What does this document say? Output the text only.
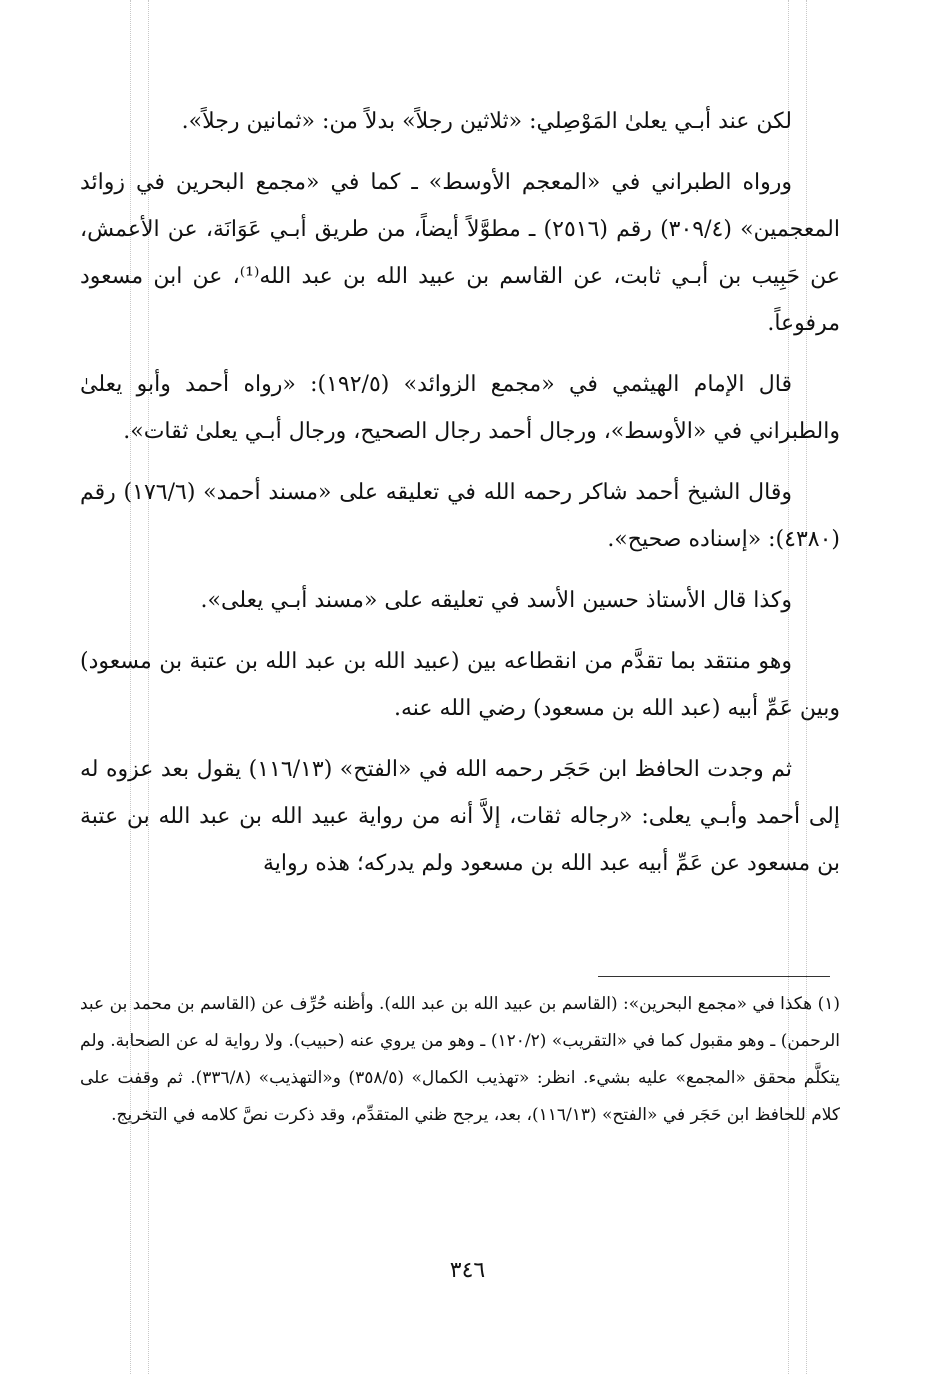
لكن عند أبـي يعلىٰ المَوْصِلي: «ثلاثين رجلاً» بدلاً من: «ثمانين رجلاً».

ورواه الطبراني في «المعجم الأوسط» ـ كما في «مجمع البحرين في زوائد المعجمين» (٣٠٩/٤) رقم (٢٥١٦) ـ مطوَّلاً أيضاً، من طريق أبـي عَوَانَة، عن الأعمش، عن حَبِيب بن أبـي ثابت، عن القاسم بن عبيد الله بن عبد الله⁽¹⁾، عن ابن مسعود مرفوعاً.

قال الإمام الهيثمي في «مجمع الزوائد» (١٩٢/٥): «رواه أحمد وأبو يعلىٰ والطبراني في «الأوسط»، ورجال أحمد رجال الصحيح، ورجال أبـي يعلىٰ ثقات».

وقال الشيخ أحمد شاكر رحمه الله في تعليقه على «مسند أحمد» (١٧٦/٦) رقم (٤٣٨٠): «إسناده صحيح».

وكذا قال الأستاذ حسين الأسد في تعليقه على «مسند أبـي يعلى».

وهو منتقد بما تقدَّم من انقطاعه بين (عبيد الله بن عبد الله بن عتبة بن مسعود) وبين عَمِّ أبيه (عبد الله بن مسعود) رضي الله عنه.

ثم وجدت الحافظ ابن حَجَر رحمه الله في «الفتح» (١١٦/١٣) يقول بعد عزوه له إلى أحمد وأبـي يعلى: «رجاله ثقات، إلاَّ أنه من رواية عبيد الله بن عبد الله بن عتبة بن مسعود عن عَمِّ أبيه عبد الله بن مسعود ولم يدركه؛ هذه رواية

(١) هكذا في «مجمع البحرين»: (القاسم بن عبيد الله بن عبد الله). وأظنه حُرِّف عن (القاسم بن محمد بن عبد الرحمن) ـ وهو مقبول كما في «التقريب» (١٢٠/٢) ـ وهو من يروي عنه (حبيب). ولا رواية له عن الصحابة. ولم يتكلَّم محقق «المجمع» عليه بشيء. انظر: «تهذيب الكمال» (٣٥٨/٥) و«التهذيب» (٣٣٦/٨). ثم وقفت على كلام للحافظ ابن حَجَر في «الفتح» (١١٦/١٣)، بعد، يرجح ظني المتقدِّم، وقد ذكرت نصَّ كلامه في التخريج.

٣٤٦
